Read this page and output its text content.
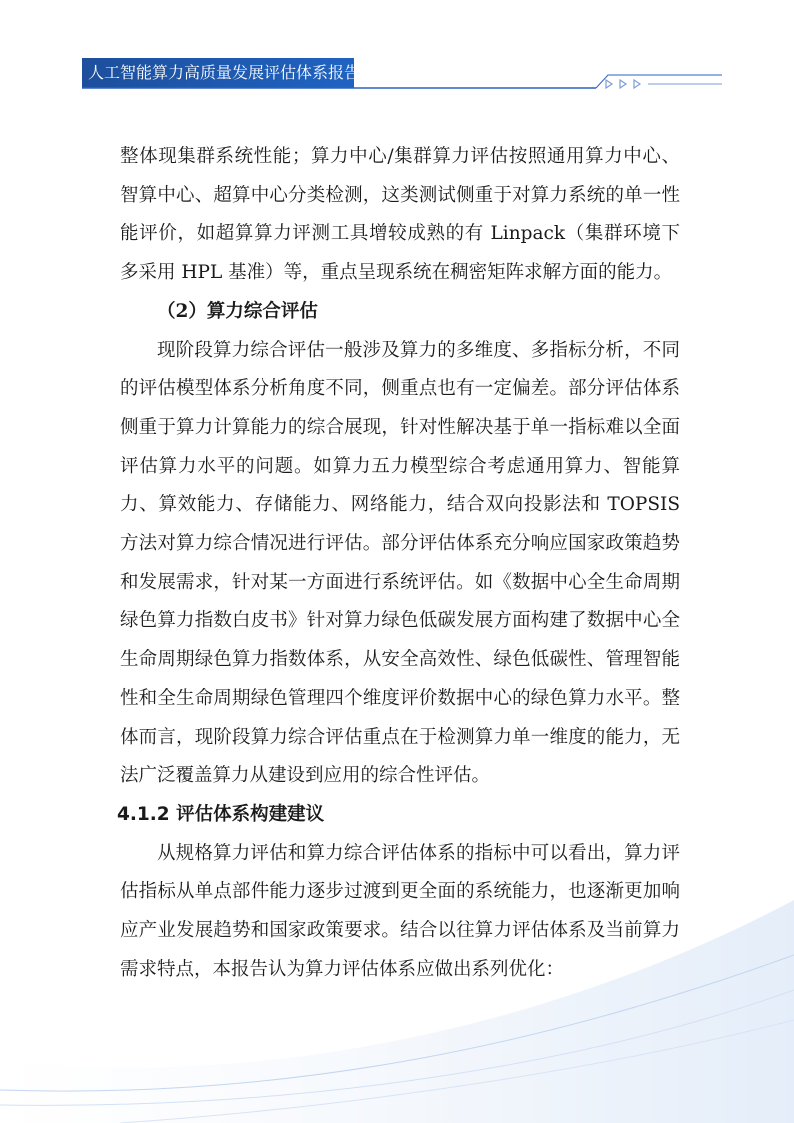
人工智能算力高质量发展评估体系报告

整体现集群系统性能；算力中心/集群算力评估按照通用算力中心、智算中心、超算中心分类检测，这类测试侧重于对算力系统的单一性能评价，如超算算力评测工具增较成熟的有 Linpack（集群环境下多采用 HPL 基准）等，重点呈现系统在稠密矩阵求解方面的能力。

（2）算力综合评估

现阶段算力综合评估一般涉及算力的多维度、多指标分析，不同的评估模型体系分析角度不同，侧重点也有一定偏差。部分评估体系侧重于算力计算能力的综合展现，针对性解决基于单一指标难以全面评估算力水平的问题。如算力五力模型综合考虑通用算力、智能算力、算效能力、存储能力、网络能力，结合双向投影法和 TOPSIS 方法对算力综合情况进行评估。部分评估体系充分响应国家政策趋势和发展需求，针对某一方面进行系统评估。如《数据中心全生命周期绿色算力指数白皮书》针对算力绿色低碳发展方面构建了数据中心全生命周期绿色算力指数体系，从安全高效性、绿色低碳性、管理智能性和全生命周期绿色管理四个维度评价数据中心的绿色算力水平。整体而言，现阶段算力综合评估重点在于检测算力单一维度的能力，无法广泛覆盖算力从建设到应用的综合性评估。

4.1.2 评估体系构建建议

从规格算力评估和算力综合评估体系的指标中可以看出，算力评估指标从单点部件能力逐步过渡到更全面的系统能力，也逐渐更加响应产业发展趋势和国家政策要求。结合以往算力评估体系及当前算力需求特点，本报告认为算力评估体系应做出系列优化：
